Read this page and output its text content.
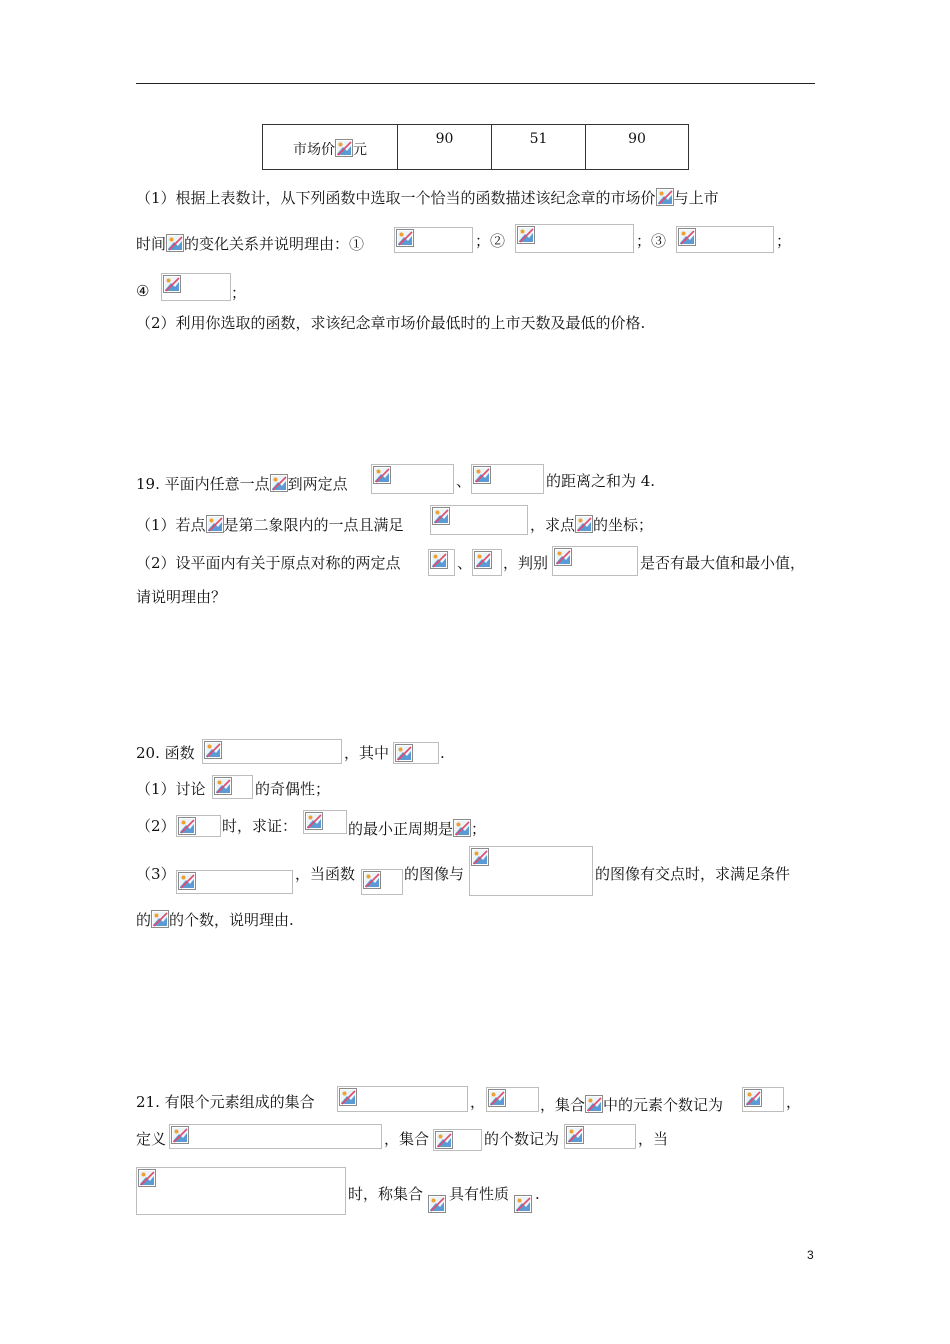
市场价 元	90	51	90
（1）根据上表数计，从下列函数中选取一个恰当的函数描述该纪念章的市场价 与上市
时间 的变化关系并说明理由：①	；②	；③	；
④	；
（2）利用你选取的函数，求该纪念章市场价最低时的上市天数及最低的价格.
19. 平面内任意一点 到两定点	、	的距离之和为 4.
（1）若点 是第二象限内的一点且满足	，求点 的坐标；
（2）设平面内有关于原点对称的两定点	、 ，判别	是否有最大值和最小值，
请说明理由？
20. 函数	，其中	.
（1）讨论	的奇偶性；
（2）	时，求证：	的最小正周期是 ；
（3）	，当函数	的图像与	的图像有交点时，求满足条件
的 的个数，说明理由.
21. 有限个元素组成的集合	，	，集合 中的元素个数记为	，
定义	，集合	的个数记为	，当
时，称集合 具有性质 .
3
